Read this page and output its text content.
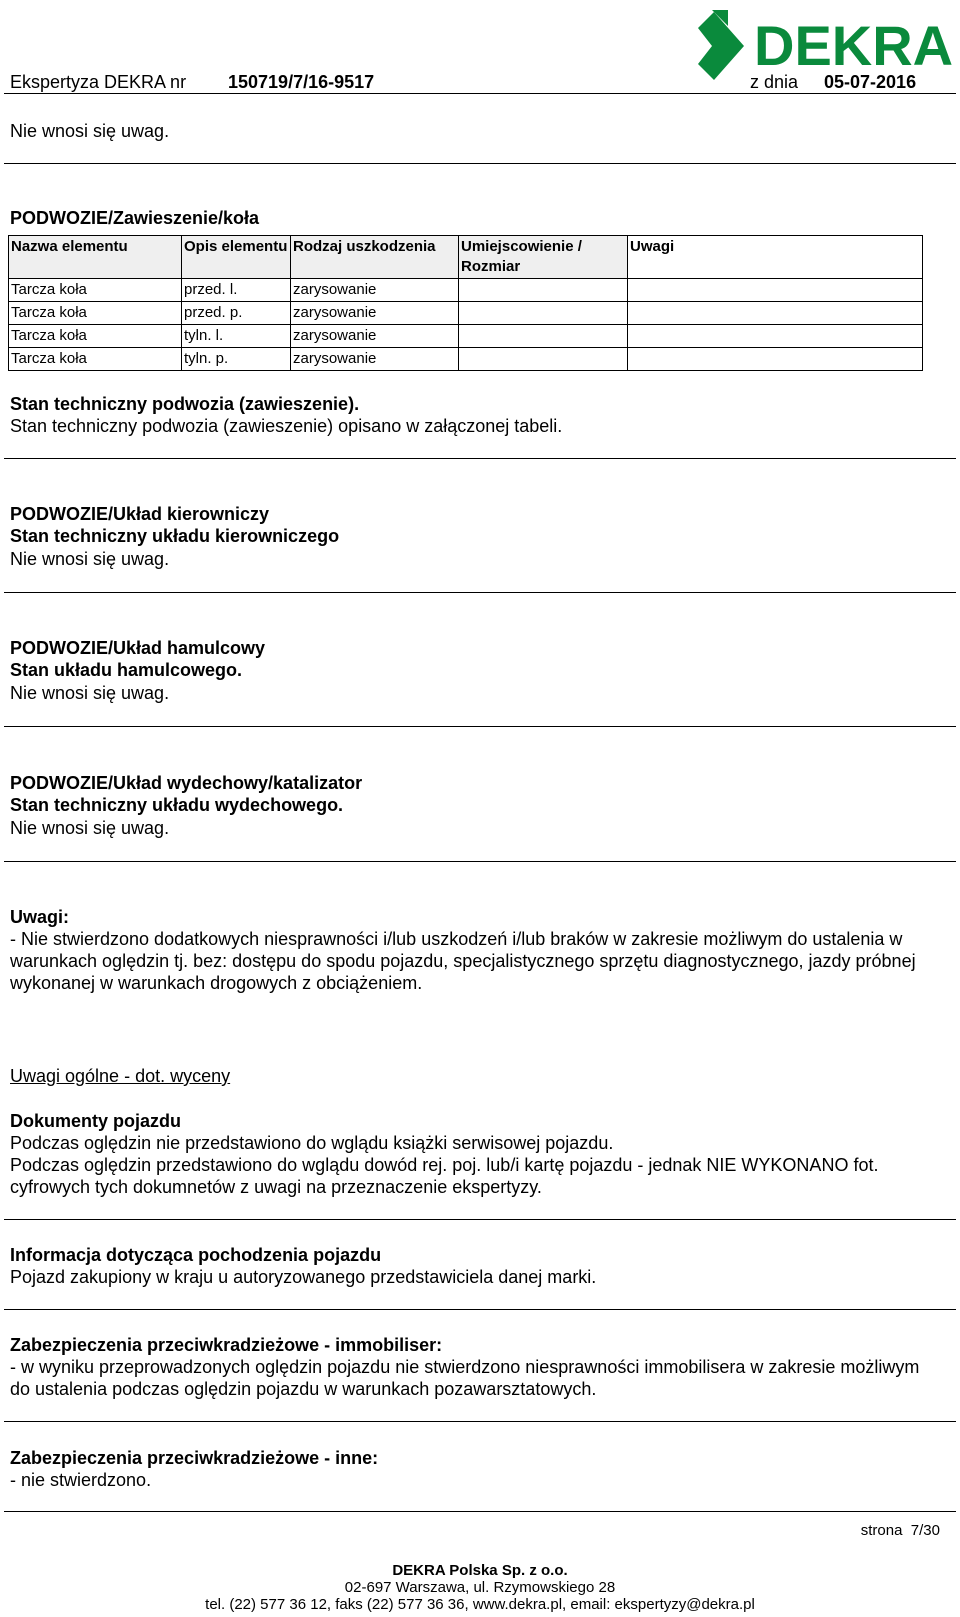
DEKRA
Ekspertyza DEKRA nr 150719/7/16-9517	z dnia 05-07-2016
Nie wnosi się uwag.
PODWOZIE/Zawieszenie/koła
Nazwa elementu	Opis elementu	Rodzaj uszkodzenia	Umiejscowienie / Rozmiar	Uwagi
Tarcza koła	przed. l.	zarysowanie		
Tarcza koła	przed. p.	zarysowanie		
Tarcza koła	tyln. l.	zarysowanie		
Tarcza koła	tyln. p.	zarysowanie		
Stan techniczny podwozia (zawieszenie).
Stan techniczny podwozia (zawieszenie) opisano w załączonej tabeli.
PODWOZIE/Układ kierowniczy
Stan techniczny układu kierowniczego
Nie wnosi się uwag.
PODWOZIE/Układ hamulcowy
Stan układu hamulcowego.
Nie wnosi się uwag.
PODWOZIE/Układ wydechowy/katalizator
Stan techniczny układu wydechowego.
Nie wnosi się uwag.
Uwagi:
- Nie stwierdzono dodatkowych niesprawności i/lub uszkodzeń i/lub braków w zakresie możliwym do ustalenia w warunkach oględzin tj. bez: dostępu do spodu pojazdu, specjalistycznego sprzętu diagnostycznego, jazdy próbnej wykonanej w warunkach drogowych z obciążeniem.
Uwagi ogólne - dot. wyceny
Dokumenty pojazdu
Podczas oględzin nie przedstawiono do wglądu książki serwisowej pojazdu.
Podczas oględzin przedstawiono do wglądu dowód rej. poj. lub/i kartę pojazdu - jednak NIE WYKONANO fot. cyfrowych tych dokumnetów z uwagi na przeznaczenie ekspertyzy.
Informacja dotycząca pochodzenia pojazdu
Pojazd zakupiony w kraju u autoryzowanego przedstawiciela danej marki.
Zabezpieczenia przeciwkradzieżowe - immobiliser:
- w wyniku przeprowadzonych oględzin pojazdu nie stwierdzono niesprawności immobilisera w zakresie możliwym do ustalenia podczas oględzin pojazdu w warunkach pozawarsztatowych.
Zabezpieczenia przeciwkradzieżowe - inne:
- nie stwierdzono.
strona 7/30
DEKRA Polska Sp. z o.o.
02-697 Warszawa, ul. Rzymowskiego 28
tel. (22) 577 36 12, faks (22) 577 36 36, www.dekra.pl, email: ekspertyzy@dekra.pl
